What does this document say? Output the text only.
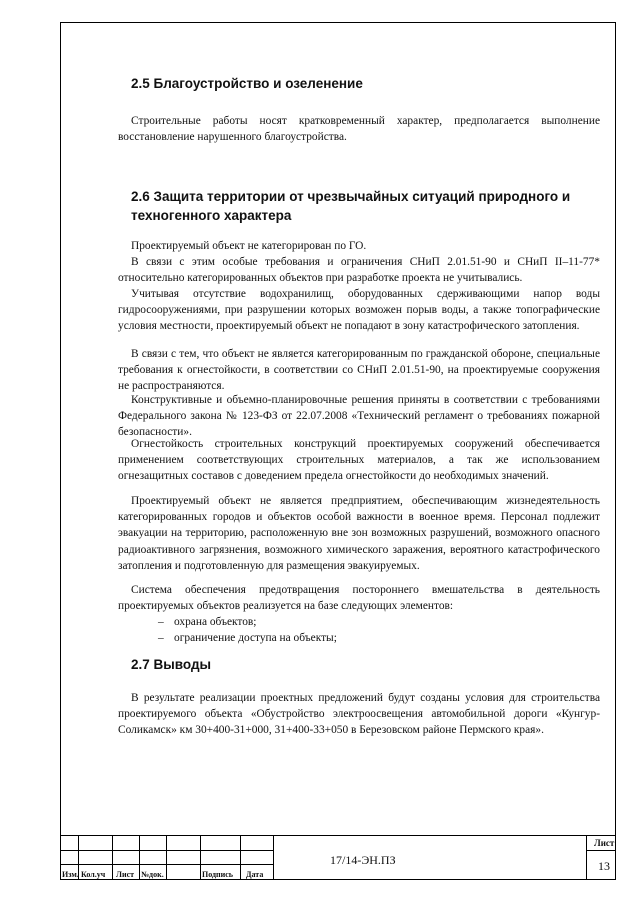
2.5 Благоустройство и озеленение
Строительные работы носят кратковременный характер, предполагается выполнение восстановление нарушенного благоустройства.
2.6 Защита территории от чрезвычайных ситуаций природного и техногенного характера
Проектируемый объект не категорирован по ГО.
В связи с этим особые требования и ограничения СНиП 2.01.51-90 и СНиП II–11-77* относительно категорированных объектов при разработке проекта не учитывались.
Учитывая отсутствие водохранилищ, оборудованных сдерживающими напор воды гидросооружениями, при разрушении которых возможен порыв воды, а также топографические условия местности, проектируемый объект не попадают в зону катастрофического затопления.
В связи с тем, что объект не является категорированным по гражданской обороне, специальные требования к огнестойкости, в соответствии со СНиП 2.01.51-90, на проектируемые сооружения не распространяются.
Конструктивные и объемно-планировочные решения приняты в соответствии с требованиями Федерального закона № 123-ФЗ от 22.07.2008 «Технический регламент о требованиях пожарной безопасности».
Огнестойкость строительных конструкций проектируемых сооружений обеспечивается применением соответствующих строительных материалов, а так же использованием огнезащитных составов с доведением предела огнестойкости до необходимых значений.
Проектируемый объект не является предприятием, обеспечивающим жизнедеятельность категорированных городов и объектов особой важности в военное время. Персонал подлежит эвакуации на территорию, расположенную вне зон возможных разрушений, возможного опасного радиоактивного загрязнения, возможного химического заражения, вероятного катастрофического затопления и подготовленную для размещения эвакуируемых.
Система обеспечения предотвращения постороннего вмешательства в деятельность проектируемых объектов реализуется на базе следующих элементов:
– охрана объектов;
– ограничение доступа на объекты;
2.7 Выводы
В результате реализации проектных предложений будут созданы условия для строительства проектируемого объекта «Обустройство электроосвещения автомобильной дороги «Кунгур-Соликамск» км 30+400-31+000, 31+400-33+050 в Березовском районе Пермского края».
Изм. Кол.уч Лист №док.	Подпись Дата
17/14-ЭН.ПЗ
Лист
13
